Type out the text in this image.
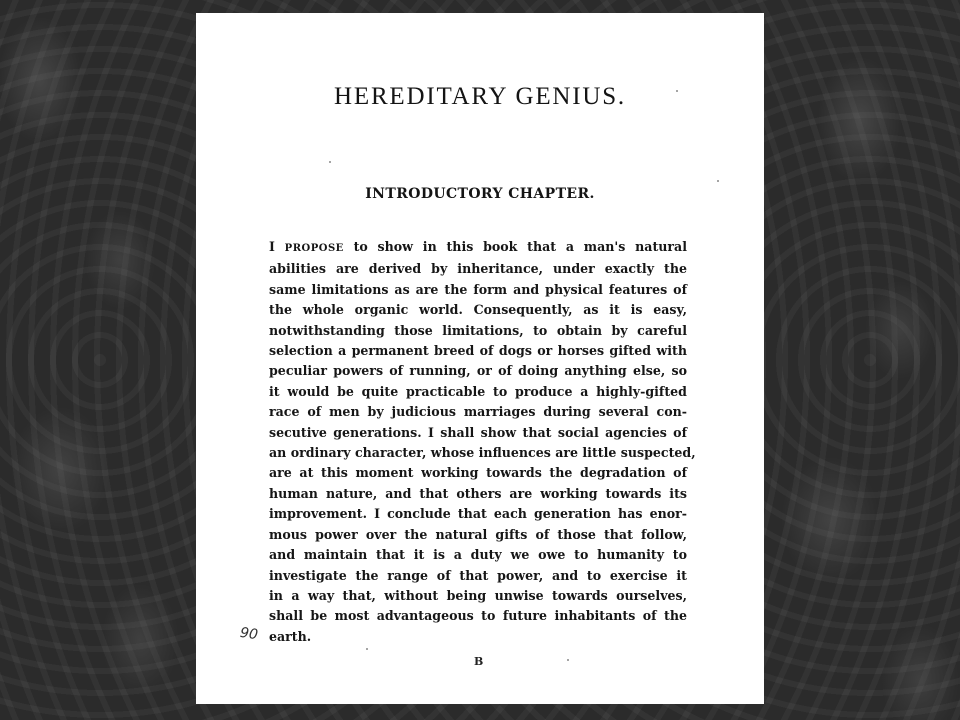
HEREDITARY GENIUS.
INTRODUCTORY CHAPTER.
I PROPOSE to show in this book that a man's natural
abilities are derived by inheritance, under exactly the
same limitations as are the form and physical features of
the whole organic world. Consequently, as it is easy,
notwithstanding those limitations, to obtain by careful
selection a permanent breed of dogs or horses gifted with
peculiar powers of running, or of doing anything else, so
it would be quite practicable to produce a highly-gifted
race of men by judicious marriages during several con-
secutive generations. I shall show that social agencies of
an ordinary character, whose influences are little suspected,
are at this moment working towards the degradation of
human nature, and that others are working towards its
improvement. I conclude that each generation has enor-
mous power over the natural gifts of those that follow,
and maintain that it is a duty we owe to humanity to
investigate the range of that power, and to exercise it
in a way that, without being unwise towards ourselves,
shall be most advantageous to future inhabitants of the
earth.
90
B
